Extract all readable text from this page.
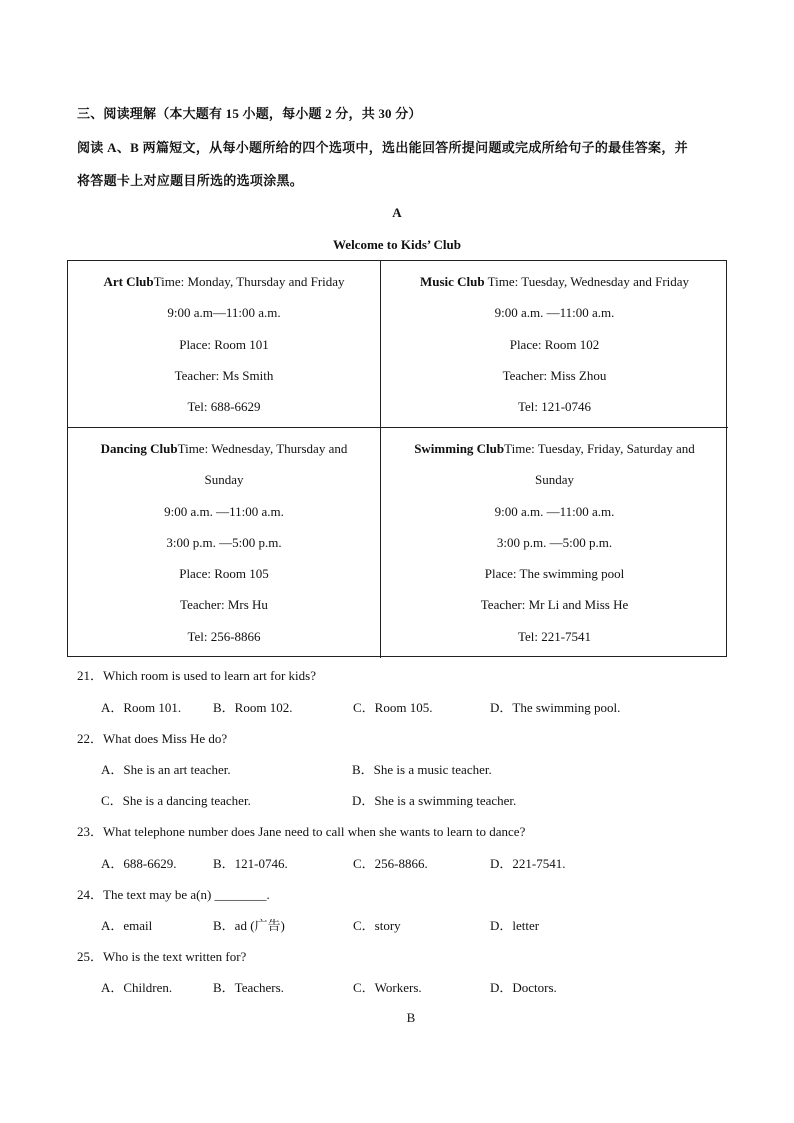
三、阅读理解（本大题有 15 小题，每小题 2 分，共 30 分）
阅读 A、B 两篇短文，从每小题所给的四个选项中，选出能回答所提问题或完成所给句子的最佳答案，并
将答题卡上对应题目所选的选项涂黑。
A
Welcome to Kids’ Club
Art ClubTime: Monday, Thursday and Friday
9:00 a.m—11:00 a.m.
Place: Room 101
Teacher: Ms Smith
Tel: 688-6629
Music Club Time: Tuesday, Wednesday and Friday
9:00 a.m. —11:00 a.m.
Place: Room 102
Teacher: Miss Zhou
Tel: 121-0746
Dancing ClubTime: Wednesday, Thursday and
Sunday
9:00 a.m. —11:00 a.m.
3:00 p.m. —5:00 p.m.
Place: Room 105
Teacher: Mrs Hu
Tel: 256-8866
Swimming ClubTime: Tuesday, Friday, Saturday and
Sunday
9:00 a.m. —11:00 a.m.
3:00 p.m. —5:00 p.m.
Place: The swimming pool
Teacher: Mr Li and Miss He
Tel: 221-7541
21．Which room is used to learn art for kids?
A．Room 101. B．Room 102.	C．Room 105.	D．The swimming pool.
22．What does Miss He do?
A．She is an art teacher.	B．She is a music teacher.
C．She is a dancing teacher.	D．She is a swimming teacher.
23．What telephone number does Jane need to call when she wants to learn to dance?
A．688-6629.	B．121-0746.	C．256-8866.	D．221-7541.
24．The text may be a(n) ________.
A．email	B．ad (广告)	C．story	D．letter
25．Who is the text written for?
A．Children.	B．Teachers.	C．Workers.	D．Doctors.
B
